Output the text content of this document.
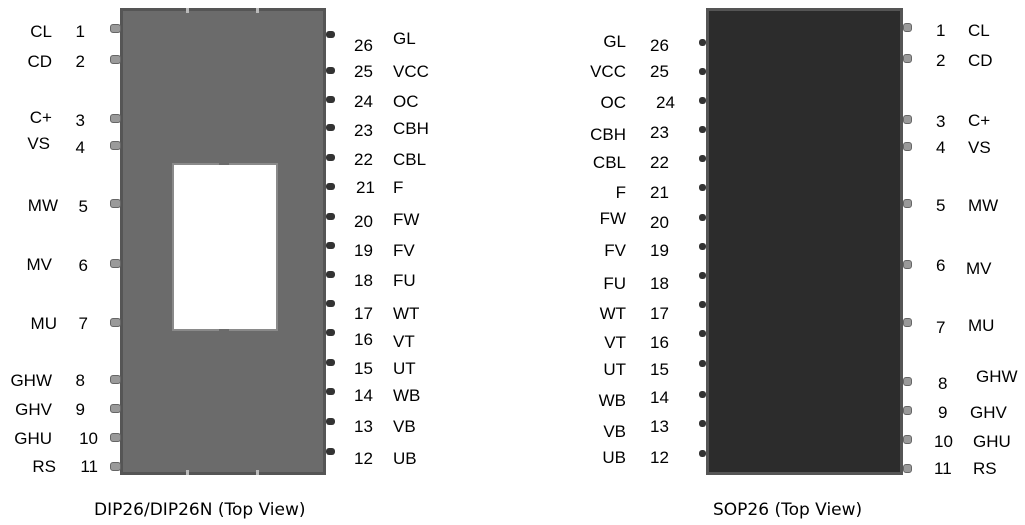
CL 1
CD 2
C+ 3
VS 4
MW 5
MV 6
MU 7
GHW 8
GHV 9
GHU 10
RS 11
26 GL
25 VCC
24 OC
23 CBH
22 CBL
21 F
20 FW
19 FV
18 FU
17 WT
16 VT
15 UT
14 WB
13 VB
12 UB
DIP26/DIP26N (Top View)
GL 26
VCC 25
OC 24
CBH 23
CBL 22
F 21
FW 20
FV 19
FU 18
WT 17
VT 16
UT 15
WB 14
VB 13
UB 12
1 CL
2 CD
3 C+
4 VS
5 MW
6 MV
7 MU
8 GHW
9 GHV
10 GHU
11 RS
SOP26 (Top View)
